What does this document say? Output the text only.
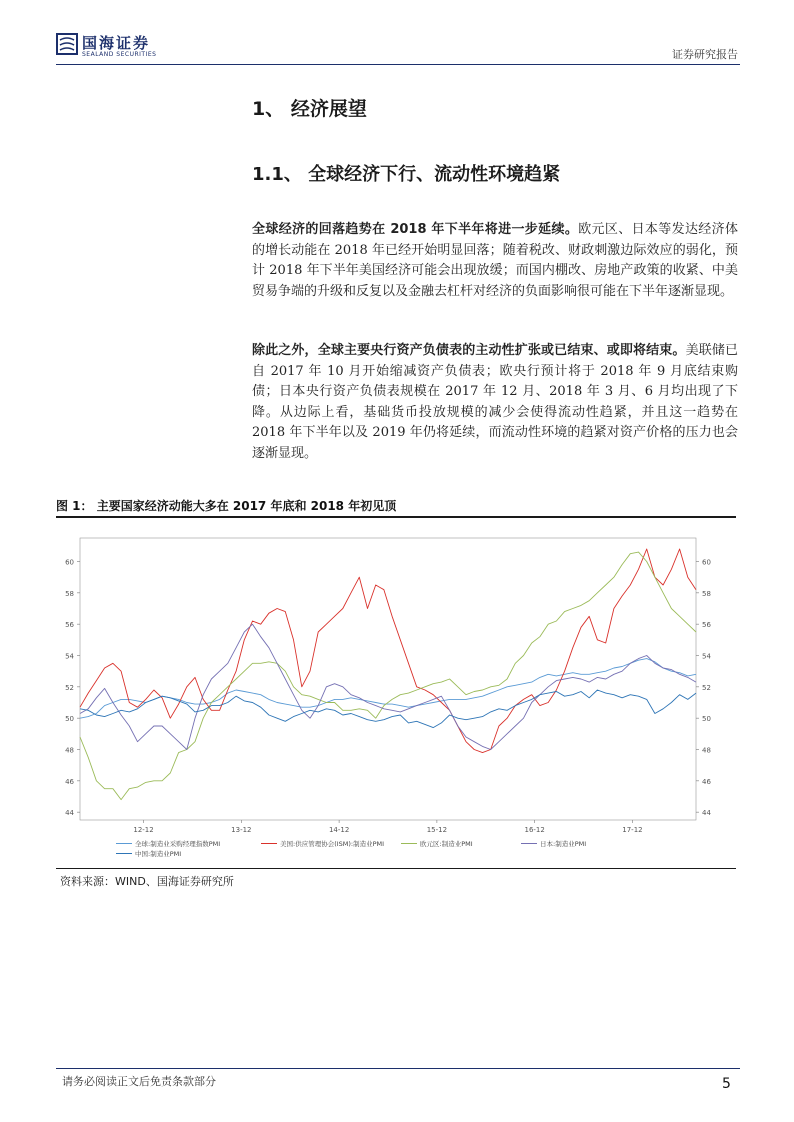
国海证券
SEALAND SECURITIES	证券研究报告
1、 经济展望
1.1、 全球经济下行、流动性环境趋紧
全球经济的回落趋势在 2018 年下半年将进一步延续。欧元区、日本等发达经济体的增长动能在 2018 年已经开始明显回落；随着税改、财政刺激边际效应的弱化，预计 2018 年下半年美国经济可能会出现放缓；而国内棚改、房地产政策的收紧、中美贸易争端的升级和反复以及金融去杠杆对经济的负面影响很可能在下半年逐渐显现。
除此之外，全球主要央行资产负债表的主动性扩张或已结束、或即将结束。美联储已自 2017 年 10 月开始缩减资产负债表；欧央行预计将于 2018 年 9 月底结束购债；日本央行资产负债表规模在 2017 年 12 月、2018 年 3 月、6 月均出现了下降。从边际上看，基础货币投放规模的减少会使得流动性趋紧，并且这一趋势在 2018 年下半年以及 2019 年仍将延续，而流动性环境的趋紧对资产价格的压力也会逐渐显现。
图 1： 主要国家经济动能大多在 2017 年底和 2018 年初见顶
44	44
46	46
48	48
50	50
52	52
54	54
56	56
58	58
60	60
12-12	13-12	14-12	15-12	16-12	17-12
全球:制造业采购经理指数PMI	美国:供应管理协会(ISM):制造业PMI	欧元区:制造业PMI	日本:制造业PMI
中国:制造业PMI
资料来源：WIND、国海证券研究所
请务必阅读正文后免责条款部分	5
